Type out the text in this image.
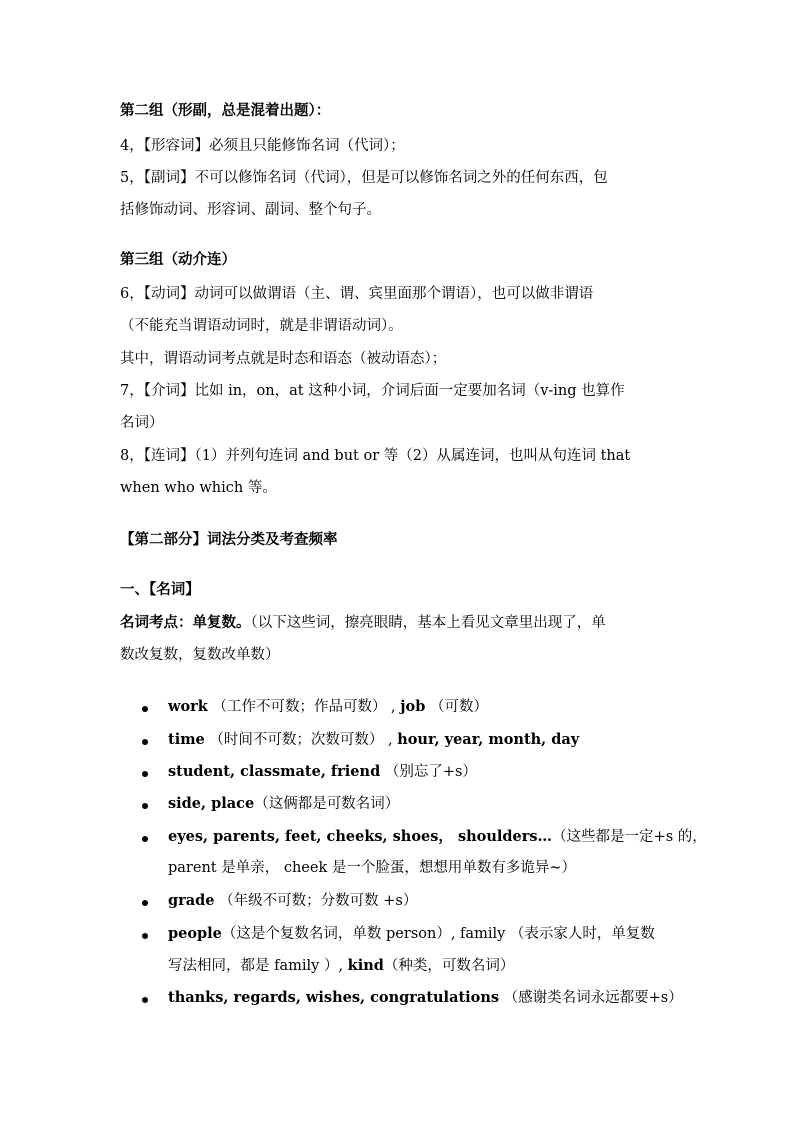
第二组（形副，总是混着出题）：
4，【形容词】必须且只能修饰名词（代词）；
5，【副词】不可以修饰名词（代词），但是可以修饰名词之外的任何东西，包
括修饰动词、形容词、副词、整个句子。
第三组（动介连）
6，【动词】动词可以做谓语（主、谓、宾里面那个谓语），也可以做非谓语
（不能充当谓语动词时，就是非谓语动词）。
其中，谓语动词考点就是时态和语态（被动语态）；
7，【介词】比如 in，on，at 这种小词，介词后面一定要加名词（v-ing 也算作
名词）
8，【连词】（1）并列句连词 and but or 等（2）从属连词，也叫从句连词 that
when who which 等。
【第二部分】词法分类及考查频率
一、【名词】
名词考点：单复数。（以下这些词，擦亮眼睛，基本上看见文章里出现了，单
数改复数，复数改单数）
work （工作不可数；作品可数） , job （可数）
time （时间不可数；次数可数） , hour, year, month, day
student, classmate, friend （别忘了+s）
side, place（这俩都是可数名词）
eyes, parents, feet, cheeks, shoes， shoulders…（这些都是一定+s 的，
parent 是单亲， cheek 是一个脸蛋，想想用单数有多诡异~）
grade （年级不可数；分数可数 +s）
people（这是个复数名词，单数 person）, family （表示家人时，单复数
写法相同，都是 family ）, kind（种类，可数名词）
thanks, regards, wishes, congratulations （感谢类名词永远都要+s）
